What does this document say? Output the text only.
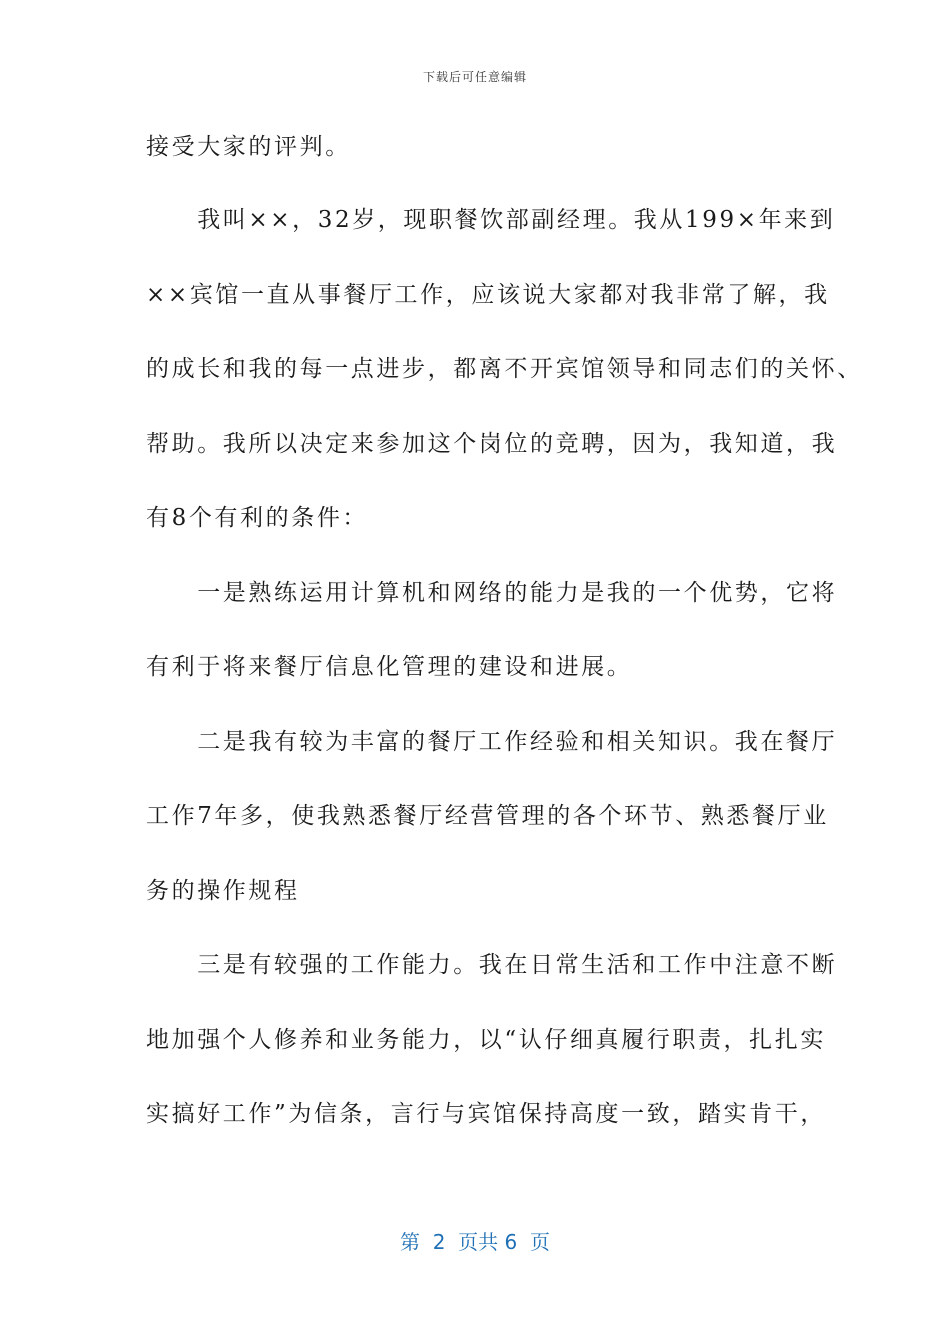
下载后可任意编辑
接受大家的评判。
　　我叫××，32岁，现职餐饮部副经理。我从199×年来到
××宾馆一直从事餐厅工作，应该说大家都对我非常了解，我
的成长和我的每一点进步，都离不开宾馆领导和同志们的关怀、
帮助。我所以决定来参加这个岗位的竞聘，因为，我知道，我
有8个有利的条件：
　　一是熟练运用计算机和网络的能力是我的一个优势，它将
有利于将来餐厅信息化管理的建设和进展。
　　二是我有较为丰富的餐厅工作经验和相关知识。我在餐厅
工作7年多，使我熟悉餐厅经营管理的各个环节、熟悉餐厅业
务的操作规程
　　三是有较强的工作能力。我在日常生活和工作中注意不断
地加强个人修养和业务能力，以“认仔细真履行职责，扎扎实
实搞好工作”为信条，言行与宾馆保持高度一致，踏实肯干，
第  2  页共 6  页
